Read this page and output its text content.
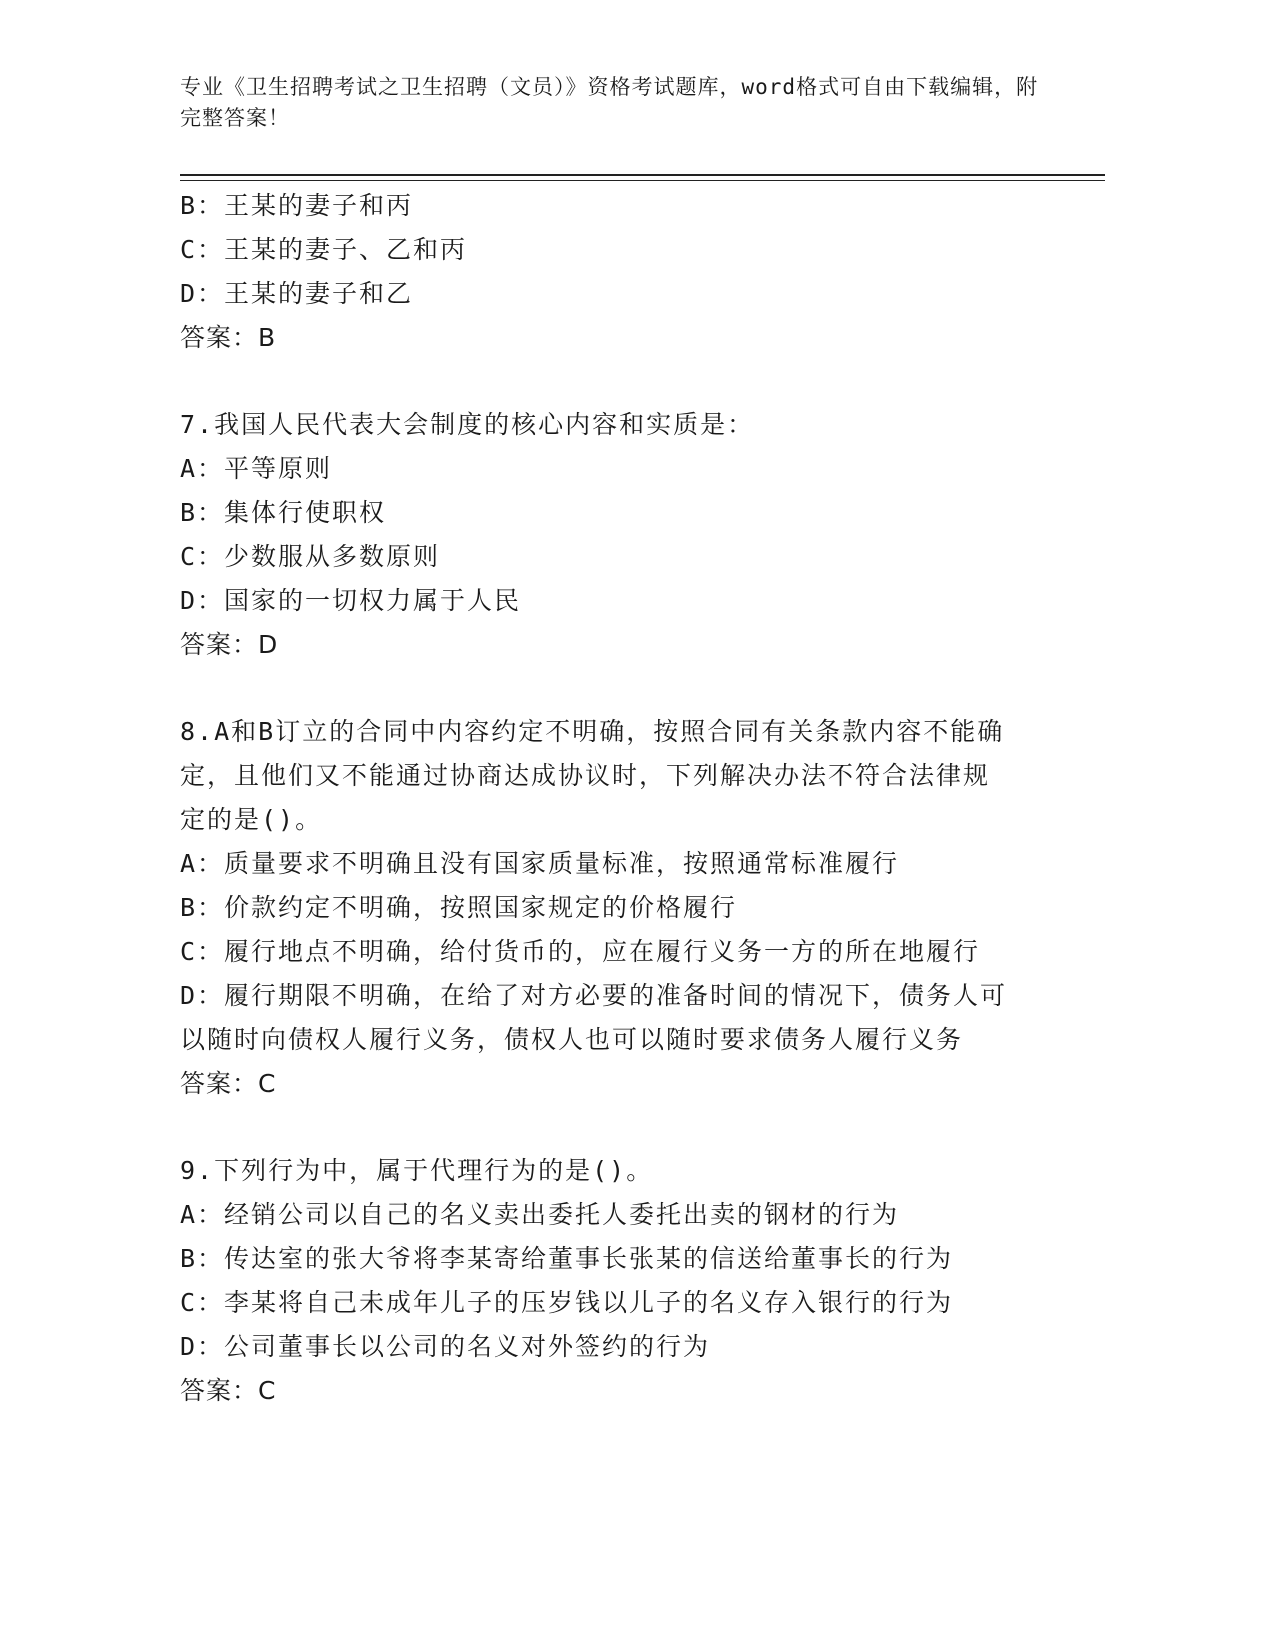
专业《卫生招聘考试之卫生招聘（文员）》资格考试题库，word格式可自由下载编辑，附完整答案！
B：王某的妻子和丙
C：王某的妻子、乙和丙
D：王某的妻子和乙
答案：B
7.我国人民代表大会制度的核心内容和实质是：
A：平等原则
B：集体行使职权
C：少数服从多数原则
D：国家的一切权力属于人民
答案：D
8.A和B订立的合同中内容约定不明确，按照合同有关条款内容不能确
定，且他们又不能通过协商达成协议时，下列解决办法不符合法律规
定的是()。
A：质量要求不明确且没有国家质量标准，按照通常标准履行
B：价款约定不明确，按照国家规定的价格履行
C：履行地点不明确，给付货币的，应在履行义务一方的所在地履行
D：履行期限不明确，在给了对方必要的准备时间的情况下，债务人可
以随时向债权人履行义务，债权人也可以随时要求债务人履行义务
答案：C
9.下列行为中，属于代理行为的是()。
A：经销公司以自己的名义卖出委托人委托出卖的钢材的行为
B：传达室的张大爷将李某寄给董事长张某的信送给董事长的行为
C：李某将自己未成年儿子的压岁钱以儿子的名义存入银行的行为
D：公司董事长以公司的名义对外签约的行为
答案：C
